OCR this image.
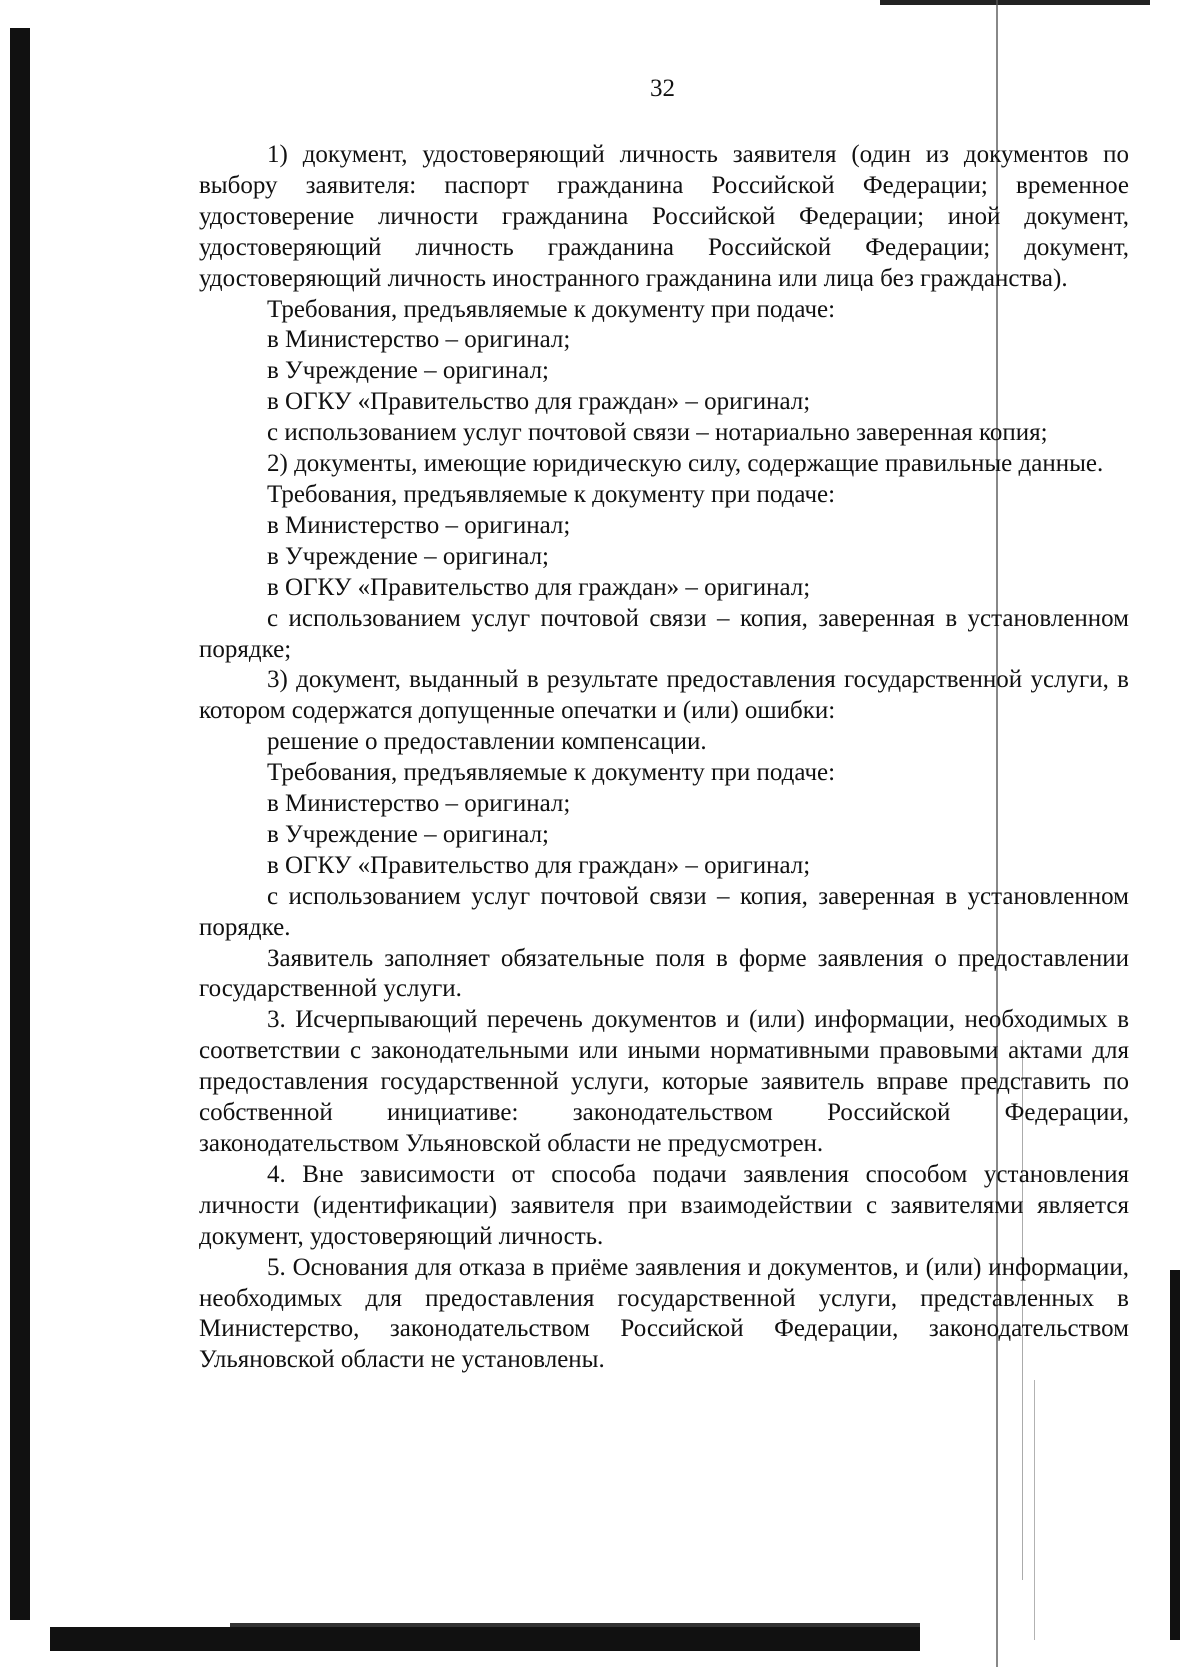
32

1) документ, удостоверяющий личность заявителя (один из документов по выбору заявителя: паспорт гражданина Российской Федерации; временное удостоверение личности гражданина Российской Федерации; иной документ, удостоверяющий личность гражданина Российской Федерации; документ, удостоверяющий личность иностранного гражданина или лица без гражданства).

Требования, предъявляемые к документу при подаче:

в Министерство – оригинал;

в Учреждение – оригинал;

в ОГКУ «Правительство для граждан» – оригинал;

с использованием услуг почтовой связи – нотариально заверенная копия;

2) документы, имеющие юридическую силу, содержащие правильные данные.

Требования, предъявляемые к документу при подаче:

в Министерство – оригинал;

в Учреждение – оригинал;

в ОГКУ «Правительство для граждан» – оригинал;

с использованием услуг почтовой связи – копия, заверенная в установленном порядке;

3) документ, выданный в результате предоставления государственной услуги, в котором содержатся допущенные опечатки и (или) ошибки:

решение о предоставлении компенсации.

Требования, предъявляемые к документу при подаче:

в Министерство – оригинал;

в Учреждение – оригинал;

в ОГКУ «Правительство для граждан» – оригинал;

с использованием услуг почтовой связи – копия, заверенная в установленном порядке.

Заявитель заполняет обязательные поля в форме заявления о предоставлении государственной услуги.

3. Исчерпывающий перечень документов и (или) информации, необходимых в соответствии с законодательными или иными нормативными правовыми актами для предоставления государственной услуги, которые заявитель вправе представить по собственной инициативе: законодательством Российской Федерации, законодательством Ульяновской области не предусмотрен.

4. Вне зависимости от способа подачи заявления способом установления личности (идентификации) заявителя при взаимодействии с заявителями является документ, удостоверяющий личность.

5. Основания для отказа в приёме заявления и документов, и (или) информации, необходимых для предоставления государственной услуги, представленных в Министерство, законодательством Российской Федерации, законодательством Ульяновской области не установлены.
